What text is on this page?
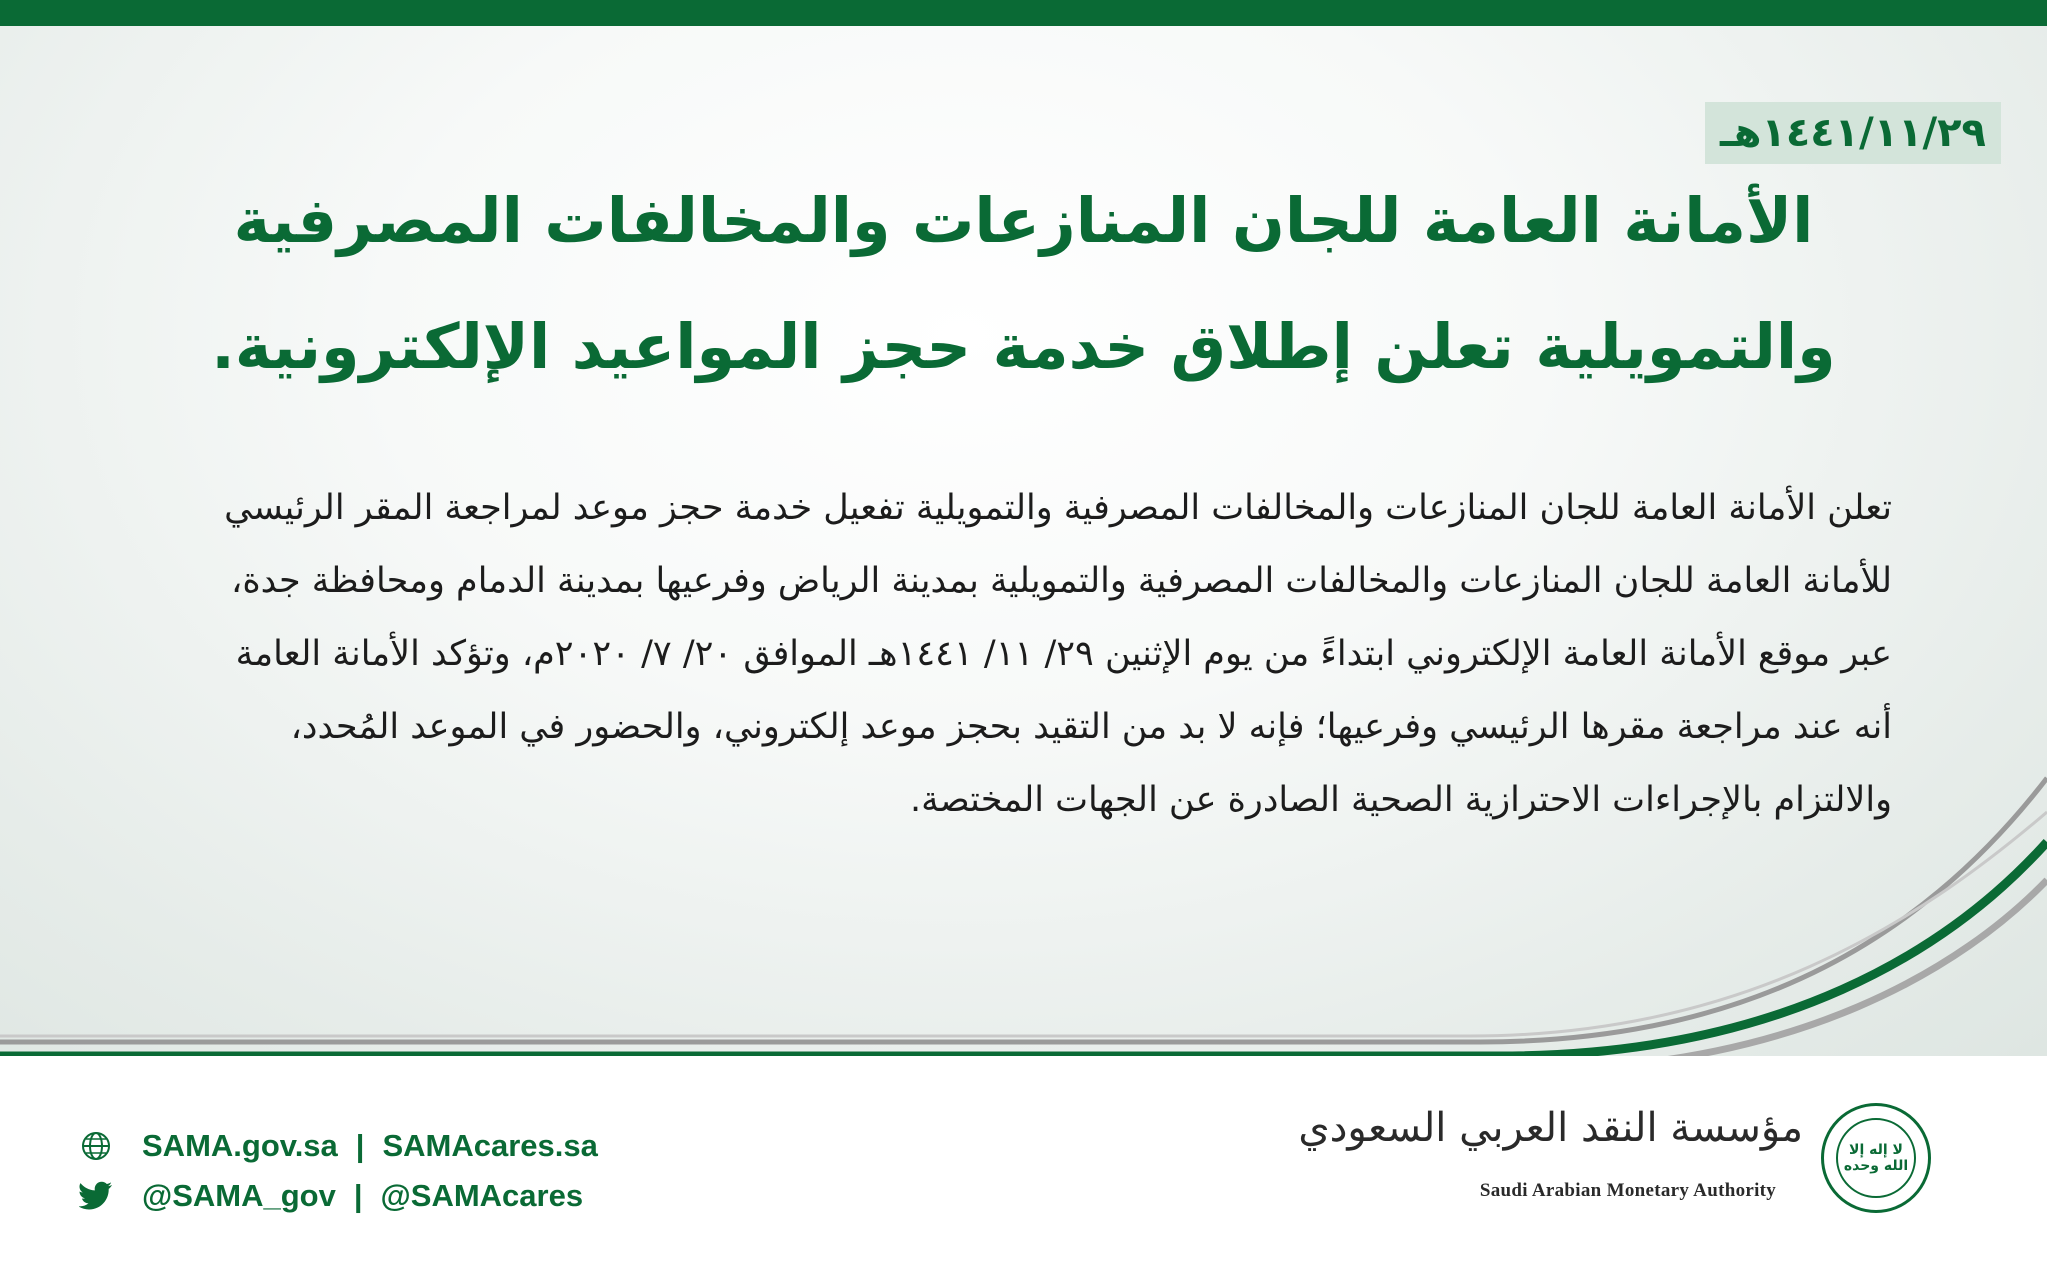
١٤٤١/١١/٢٩هـ
الأمانة العامة للجان المنازعات والمخالفات المصرفية
والتمويلية تعلن إطلاق خدمة حجز المواعيد الإلكترونية.
تعلن الأمانة العامة للجان المنازعات والمخالفات المصرفية والتمويلية تفعيل خدمة حجز موعد لمراجعة المقر الرئيسي
للأمانة العامة للجان المنازعات والمخالفات المصرفية والتمويلية بمدينة الرياض وفرعيها بمدينة الدمام ومحافظة جدة،
عبر موقع الأمانة العامة الإلكتروني ابتداءً من يوم الإثنين ٢٩/ ١١/ ١٤٤١هـ الموافق ٢٠/ ٧/ ٢٠٢٠م، وتؤكد الأمانة العامة
أنه عند مراجعة مقرها الرئيسي وفرعيها؛ فإنه لا بد من التقيد بحجز موعد إلكتروني، والحضور في الموعد المُحدد،
والالتزام بالإجراءات الاحترازية الصحية الصادرة عن الجهات المختصة.
SAMA.gov.sa | SAMAcares.sa
@SAMA_gov | @SAMAcares
مؤسسة النقد العربي السعودي
Saudi Arabian Monetary Authority
لا إله إلا الله وحده
